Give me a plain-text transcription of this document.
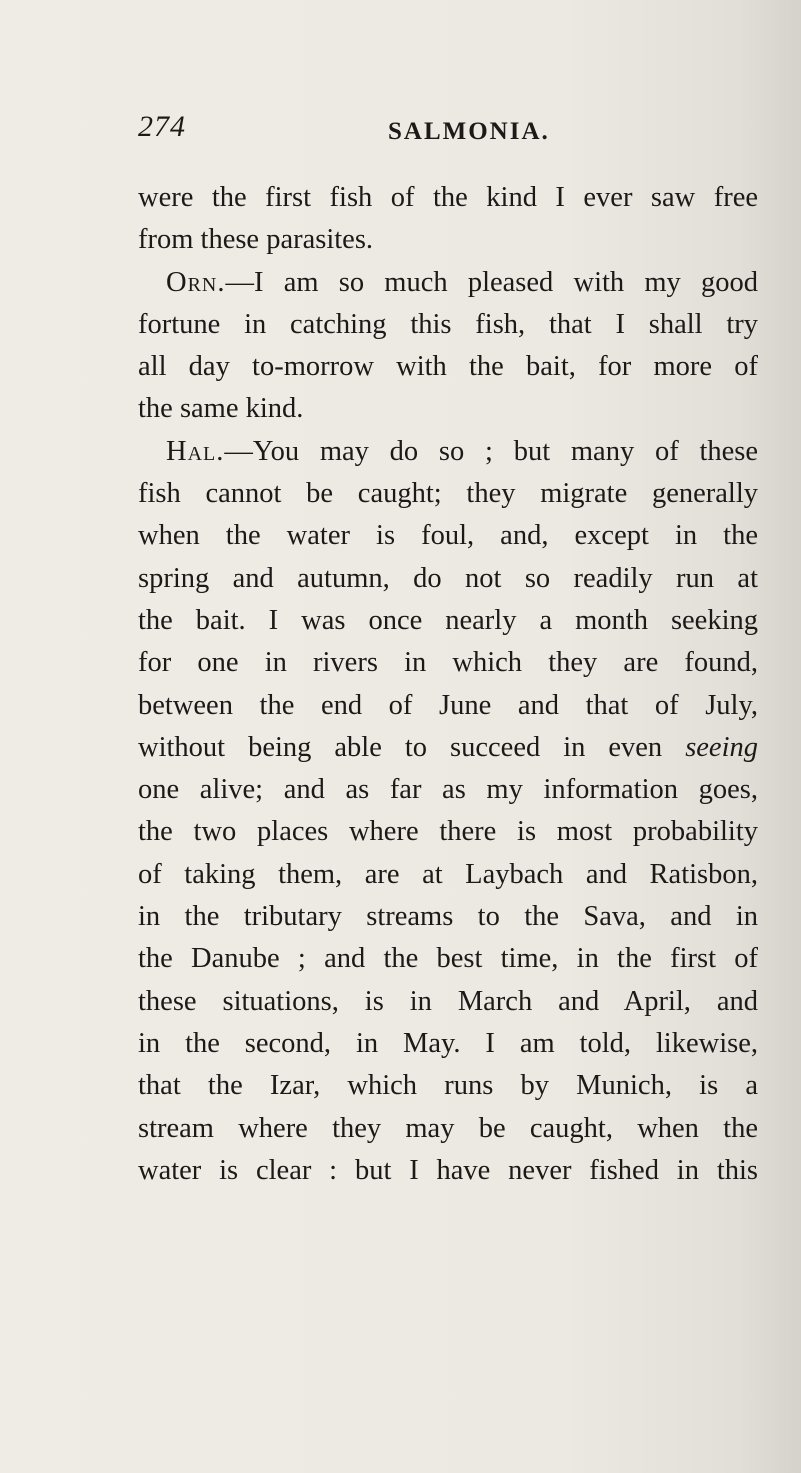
274	SALMONIA.
were the first fish of the kind I ever saw free
from these parasites.
Orn.—I am so much pleased with my good
fortune in catching this fish, that I shall try
all day to-morrow with the bait, for more of
the same kind.
Hal.—You may do so ; but many of these
fish cannot be caught; they migrate generally
when the water is foul, and, except in the
spring and autumn, do not so readily run at
the bait. I was once nearly a month seeking
for one in rivers in which they are found,
between the end of June and that of July,
without being able to succeed in even seeing
one alive; and as far as my information goes,
the two places where there is most probability
of taking them, are at Laybach and Ratisbon,
in the tributary streams to the Sava, and in
the Danube ; and the best time, in the first of
these situations, is in March and April, and
in the second, in May. I am told, likewise,
that the Izar, which runs by Munich, is a
stream where they may be caught, when the
water is clear : but I have never fished in this
